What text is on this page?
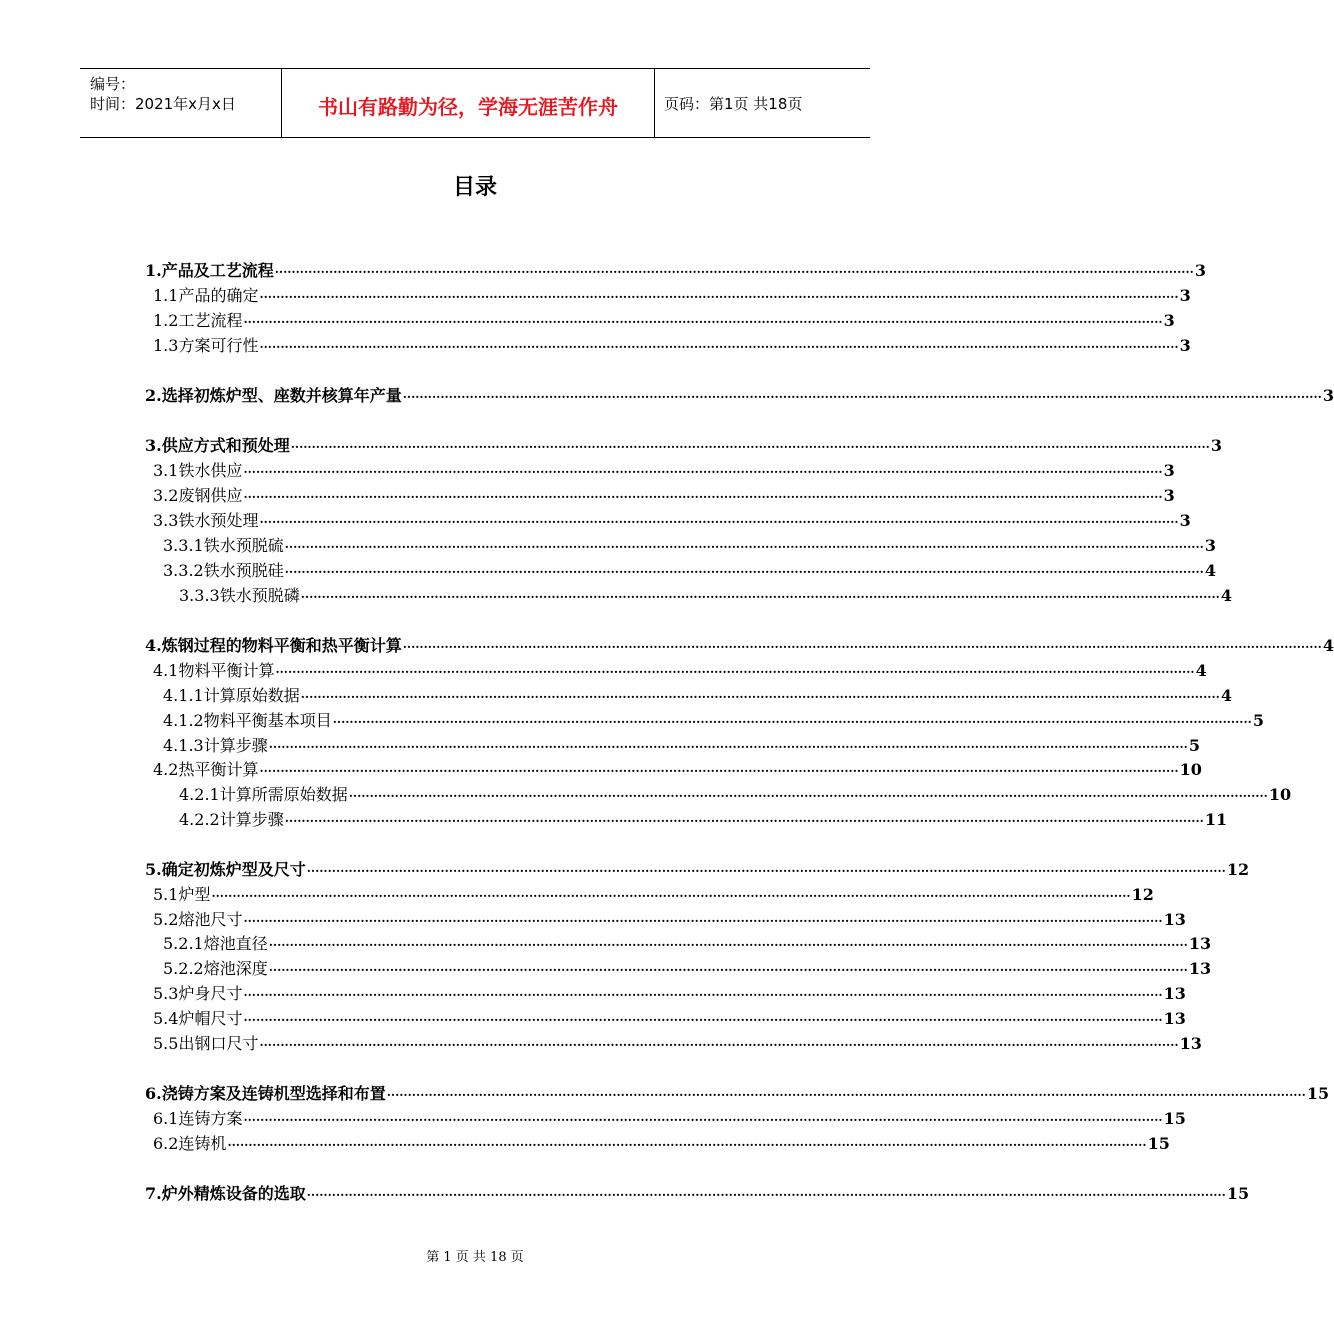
编号：
时间：2021年x月x日	书山有路勤为径，学海无涯苦作舟	页码：第1页 共18页
目录
1.产品及工艺流程 ···························································································································································································································· 3
1.1产品的确定 ···························································································································································································································· 3
1.2工艺流程 ···························································································································································································································· 3
1.3方案可行性 ···························································································································································································································· 3
2.选择初炼炉型、座数并核算年产量 ···························································································································································································································· 3
3.供应方式和预处理 ···························································································································································································································· 3
3.1铁水供应 ···························································································································································································································· 3
3.2废钢供应 ···························································································································································································································· 3
3.3铁水预处理 ···························································································································································································································· 3
3.3.1铁水预脱硫 ···························································································································································································································· 3
3.3.2铁水预脱硅 ···························································································································································································································· 4
3.3.3铁水预脱磷 ···························································································································································································································· 4
4.炼钢过程的物料平衡和热平衡计算 ···························································································································································································································· 4
4.1物料平衡计算 ···························································································································································································································· 4
4.1.1计算原始数据 ···························································································································································································································· 4
4.1.2物料平衡基本项目 ···························································································································································································································· 5
4.1.3计算步骤 ···························································································································································································································· 5
4.2热平衡计算 ···························································································································································································································· 10
4.2.1计算所需原始数据 ···························································································································································································································· 10
4.2.2计算步骤 ···························································································································································································································· 11
5.确定初炼炉型及尺寸 ···························································································································································································································· 12
5.1炉型 ···························································································································································································································· 12
5.2熔池尺寸 ···························································································································································································································· 13
5.2.1熔池直径 ···························································································································································································································· 13
5.2.2熔池深度 ···························································································································································································································· 13
5.3炉身尺寸 ···························································································································································································································· 13
5.4炉帽尺寸 ···························································································································································································································· 13
5.5出钢口尺寸 ···························································································································································································································· 13
6.浇铸方案及连铸机型选择和布置 ···························································································································································································································· 15
6.1连铸方案 ···························································································································································································································· 15
6.2连铸机 ···························································································································································································································· 15
7.炉外精炼设备的选取 ···························································································································································································································· 15
第 1 页 共 18 页
